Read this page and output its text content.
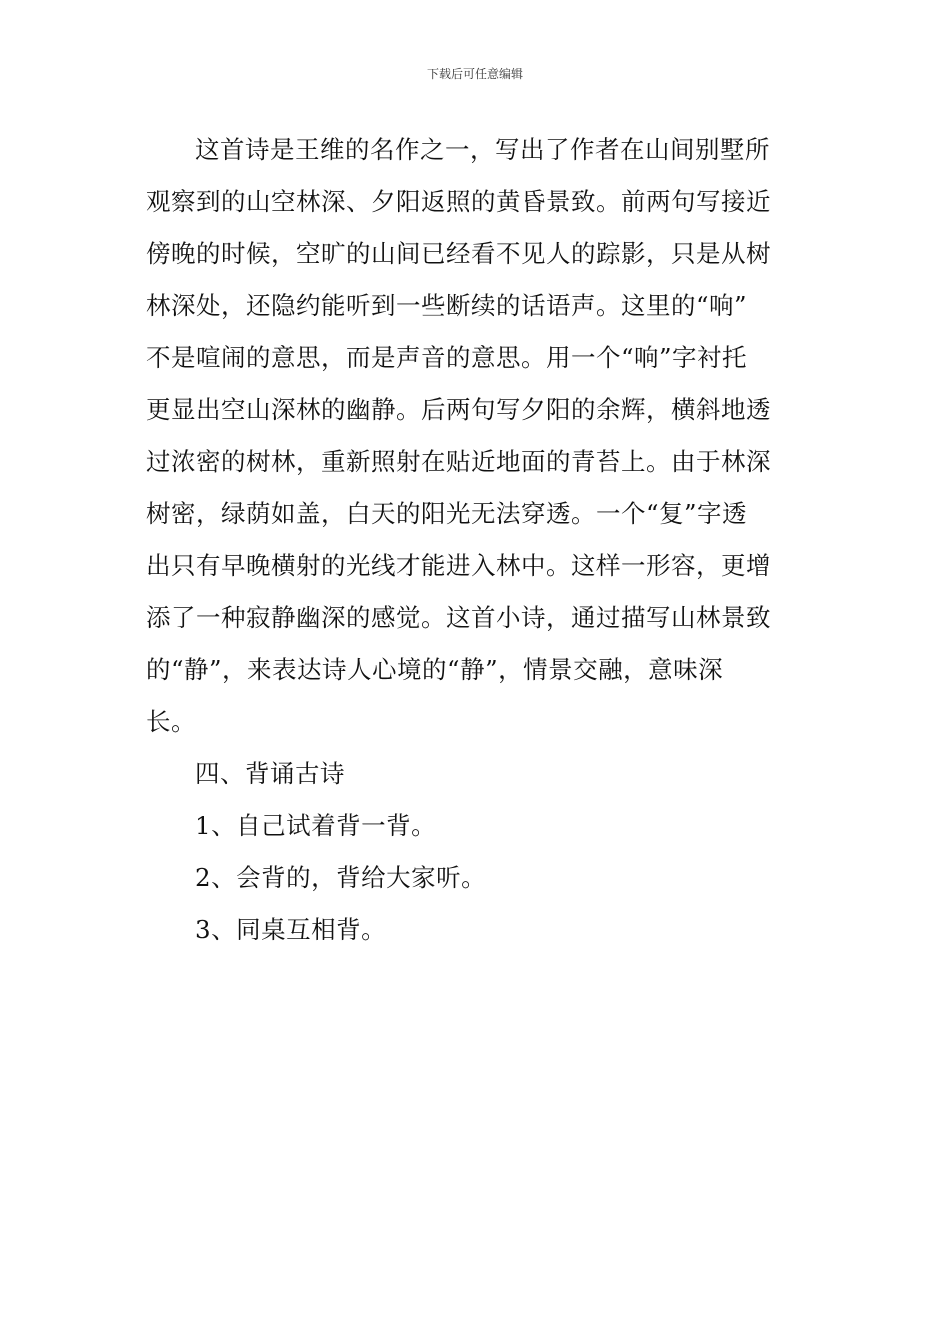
下载后可任意编辑
这首诗是王维的名作之一，写出了作者在山间别墅所
观察到的山空林深、夕阳返照的黄昏景致。前两句写接近
傍晚的时候，空旷的山间已经看不见人的踪影，只是从树
林深处，还隐约能听到一些断续的话语声。这里的“响”
不是喧闹的意思，而是声音的意思。用一个“响”字衬托
更显出空山深林的幽静。后两句写夕阳的余辉，横斜地透
过浓密的树林，重新照射在贴近地面的青苔上。由于林深
树密，绿荫如盖，白天的阳光无法穿透。一个“复”字透
出只有早晚横射的光线才能进入林中。这样一形容，更增
添了一种寂静幽深的感觉。这首小诗，通过描写山林景致
的“静”，来表达诗人心境的“静”，情景交融，意味深
长。
四、背诵古诗
1、自己试着背一背。
2、会背的，背给大家听。
3、同桌互相背。
